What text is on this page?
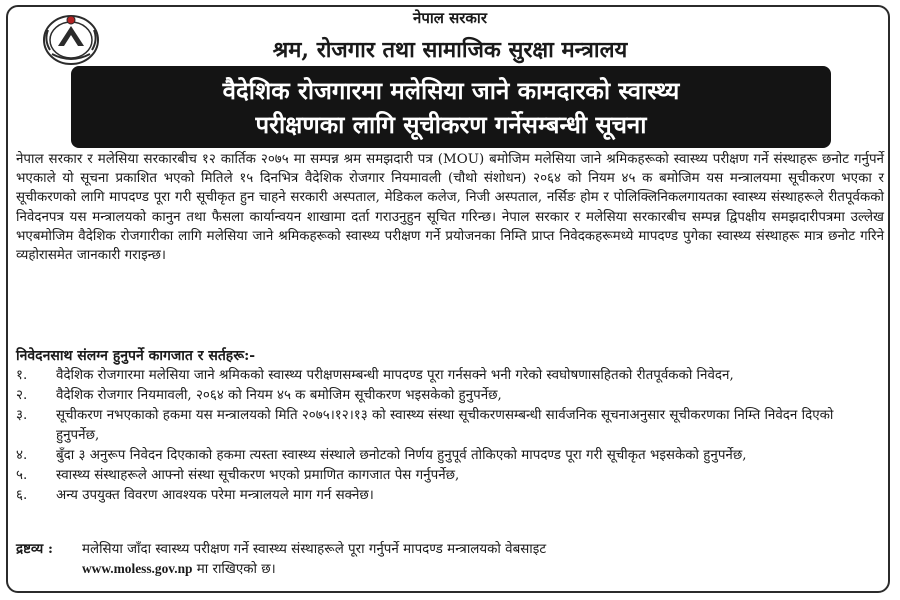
नेपाल सरकार
श्रम, रोजगार तथा सामाजिक सुरक्षा मन्त्रालय
वैदेशिक रोजगारमा मलेसिया जाने कामदारको स्वास्थ्य
परीक्षणका लागि सूचीकरण गर्नेसम्बन्धी सूचना
नेपाल सरकार र मलेसिया सरकारबीच १२ कार्तिक २०७५ मा सम्पन्न श्रम समझदारी पत्र (MOU) बमोजिम मलेसिया जाने श्रमिकहरूको स्वास्थ्य परीक्षण गर्ने संस्थाहरू छनोट गर्नुपर्ने भएकाले यो सूचना प्रकाशित भएको मितिले १५ दिनभित्र वैदेशिक रोजगार नियमावली (चौथो संशोधन) २०६४ को नियम ४५ क बमोजिम यस मन्त्रालयमा सूचीकरण भएका र सूचीकरणको लागि मापदण्ड पूरा गरी सूचीकृत हुन चाहने सरकारी अस्पताल, मेडिकल कलेज, निजी अस्पताल, नर्सिङ होम र पोलिक्लिनिकलगायतका स्वास्थ्य संस्थाहरूले रीतपूर्वकको निवेदनपत्र यस मन्त्रालयको कानुन तथा फैसला कार्यान्वयन शाखामा दर्ता गराउनुहुन सूचित गरिन्छ। नेपाल सरकार र मलेसिया सरकारबीच सम्पन्न द्विपक्षीय समझदारीपत्रमा उल्लेख भएबमोजिम वैदेशिक रोजगारीका लागि मलेसिया जाने श्रमिकहरूको स्वास्थ्य परीक्षण गर्ने प्रयोजनका निम्ति प्राप्त निवेदकहरूमध्ये मापदण्ड पुगेका स्वास्थ्य संस्थाहरू मात्र छनोट गरिने व्यहोरासमेत जानकारी गराइन्छ।
निवेदनसाथ संलग्न हुनुपर्ने कागजात र सर्तहरू:-
१.	वैदेशिक रोजगारमा मलेसिया जाने श्रमिकको स्वास्थ्य परीक्षणसम्बन्धी मापदण्ड पूरा गर्नसक्ने भनी गरेको स्वघोषणासहितको रीतपूर्वकको निवेदन,
२.	वैदेशिक रोजगार नियमावली, २०६४ को नियम ४५ क बमोजिम सूचीकरण भइसकेको हुनुपर्नेछ,
३.	सूचीकरण नभएकाको हकमा यस मन्त्रालयको मिति २०७५।१२।१३ को स्वास्थ्य संस्था सूचीकरणसम्बन्धी सार्वजनिक सूचनाअनुसार सूचीकरणका निम्ति निवेदन दिएको हुनुपर्नेछ,
४.	बुँदा ३ अनुरूप निवेदन दिएकाको हकमा त्यस्ता स्वास्थ्य संस्थाले छनोटको निर्णय हुनुपूर्व तोकिएको मापदण्ड पूरा गरी सूचीकृत भइसकेको हुनुपर्नेछ,
५.	स्वास्थ्य संस्थाहरूले आफ्नो संस्था सूचीकरण भएको प्रमाणित कागजात पेस गर्नुपर्नेछ,
६.	अन्य उपयुक्त विवरण आवश्यक परेमा मन्त्रालयले माग गर्न सक्नेछ।
द्रष्टव्य :	मलेसिया जाँदा स्वास्थ्य परीक्षण गर्ने स्वास्थ्य संस्थाहरूले पूरा गर्नुपर्ने मापदण्ड मन्त्रालयको वेबसाइट
www.moless.gov.np मा राखिएको छ।
